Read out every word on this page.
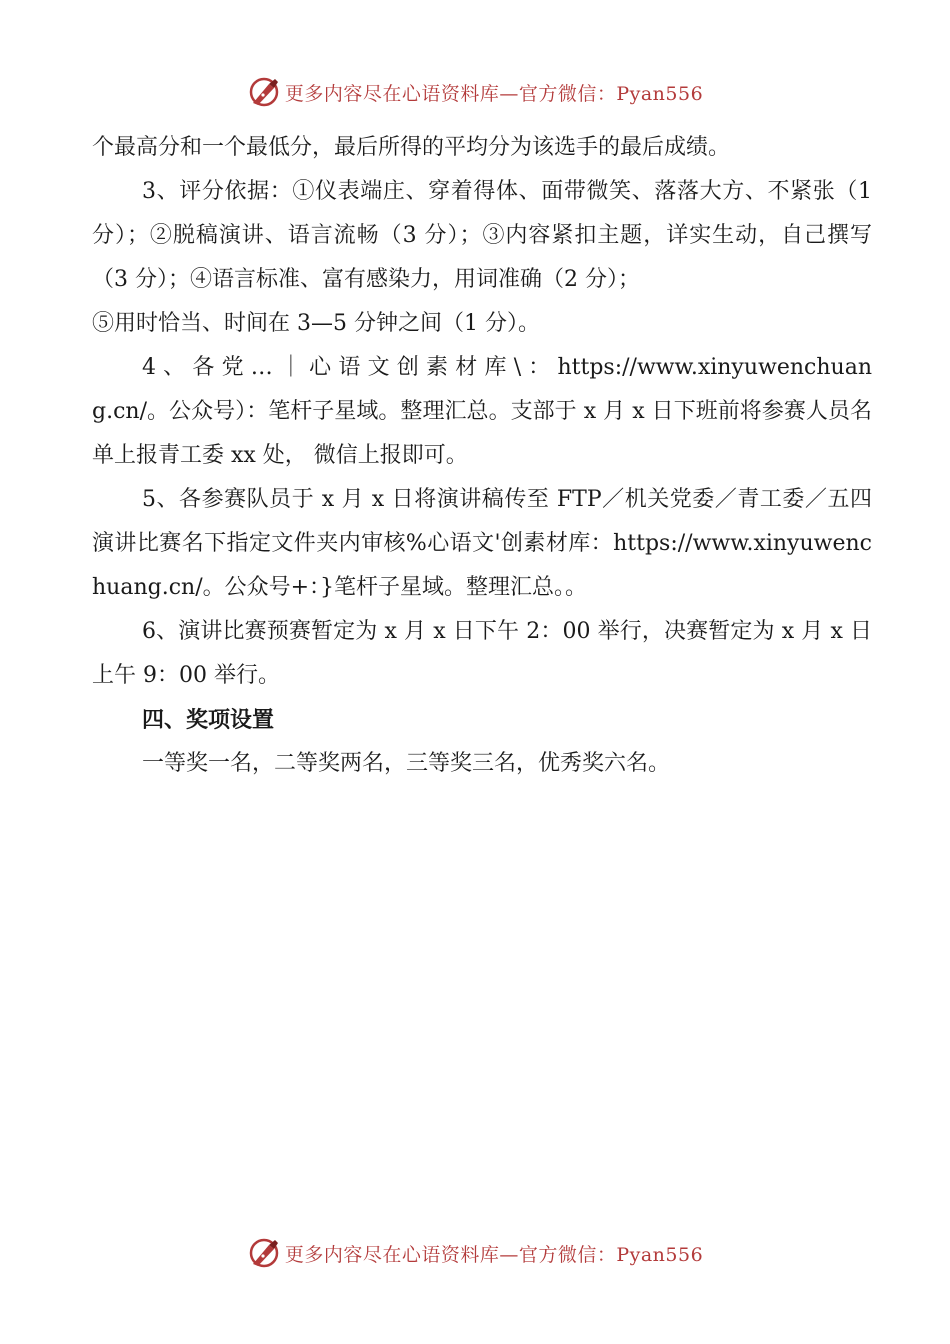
更多内容尽在心语资料库—官方微信：Pyan556

个最高分和一个最低分，最后所得的平均分为该选手的最后成绩。

3、评分依据：①仪表端庄、穿着得体、面带微笑、落落大方、不紧张（1 分）；②脱稿演讲、语言流畅（3 分）；③内容紧扣主题，详实生动，自己撰写（3 分）；④语言标准、富有感染力，用词准确（2 分）；

⑤用时恰当、时间在 3—5 分钟之间（1 分）。

4 、 各 党 … ｜ 心 语 文 创 素 材 库 \ ： https://www.xinyuwenchuang.cn/。公众号）：笔杆子星域。整理汇总。支部于 x 月 x 日下班前将参赛人员名单上报青工委 xx 处， 微信上报即可。

5、各参赛队员于 x 月 x 日将演讲稿传至 FTP／机关党委／青工委／五四演讲比赛名下指定文件夹内审核%心语文'创素材库：https://www.xinyuwenchuang.cn/。公众号+：}笔杆子星域。整理汇总。。

6、演讲比赛预赛暂定为 x 月 x 日下午 2：00 举行，决赛暂定为 x 月 x 日上午 9：00 举行。

四、奖项设置

一等奖一名，二等奖两名，三等奖三名，优秀奖六名。

更多内容尽在心语资料库—官方微信：Pyan556
